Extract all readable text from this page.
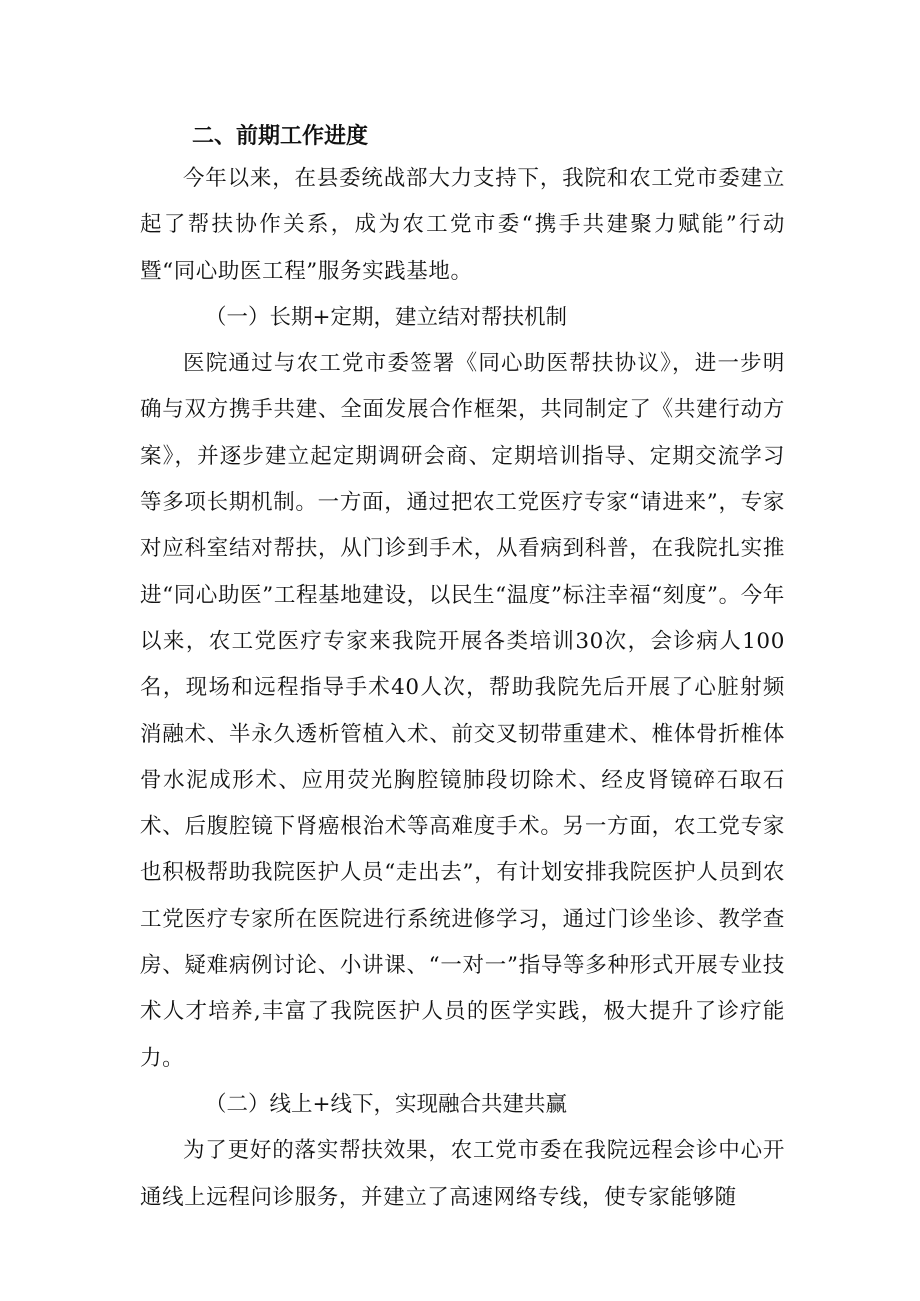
二、前期工作进度

今年以来，在县委统战部大力支持下，我院和农工党市委建立起了帮扶协作关系，成为农工党市委“携手共建聚力赋能”行动暨“同心助医工程”服务实践基地。

（一）长期+定期，建立结对帮扶机制

医院通过与农工党市委签署《同心助医帮扶协议》，进一步明确与双方携手共建、全面发展合作框架，共同制定了《共建行动方案》，并逐步建立起定期调研会商、定期培训指导、定期交流学习等多项长期机制。一方面，通过把农工党医疗专家“请进来”，专家对应科室结对帮扶，从门诊到手术，从看病到科普，在我院扎实推进“同心助医”工程基地建设，以民生“温度”标注幸福“刻度”。今年以来，农工党医疗专家来我院开展各类培训30次，会诊病人100名，现场和远程指导手术40人次，帮助我院先后开展了心脏射频消融术、半永久透析管植入术、前交叉韧带重建术、椎体骨折椎体骨水泥成形术、应用荧光胸腔镜肺段切除术、经皮肾镜碎石取石术、后腹腔镜下肾癌根治术等高难度手术。另一方面，农工党专家也积极帮助我院医护人员“走出去”，有计划安排我院医护人员到农工党医疗专家所在医院进行系统进修学习，通过门诊坐诊、教学查房、疑难病例讨论、小讲课、“一对一”指导等多种形式开展专业技术人才培养,丰富了我院医护人员的医学实践，极大提升了诊疗能力。

（二）线上+线下，实现融合共建共赢

为了更好的落实帮扶效果，农工党市委在我院远程会诊中心开通线上远程问诊服务，并建立了高速网络专线，使专家能够随
